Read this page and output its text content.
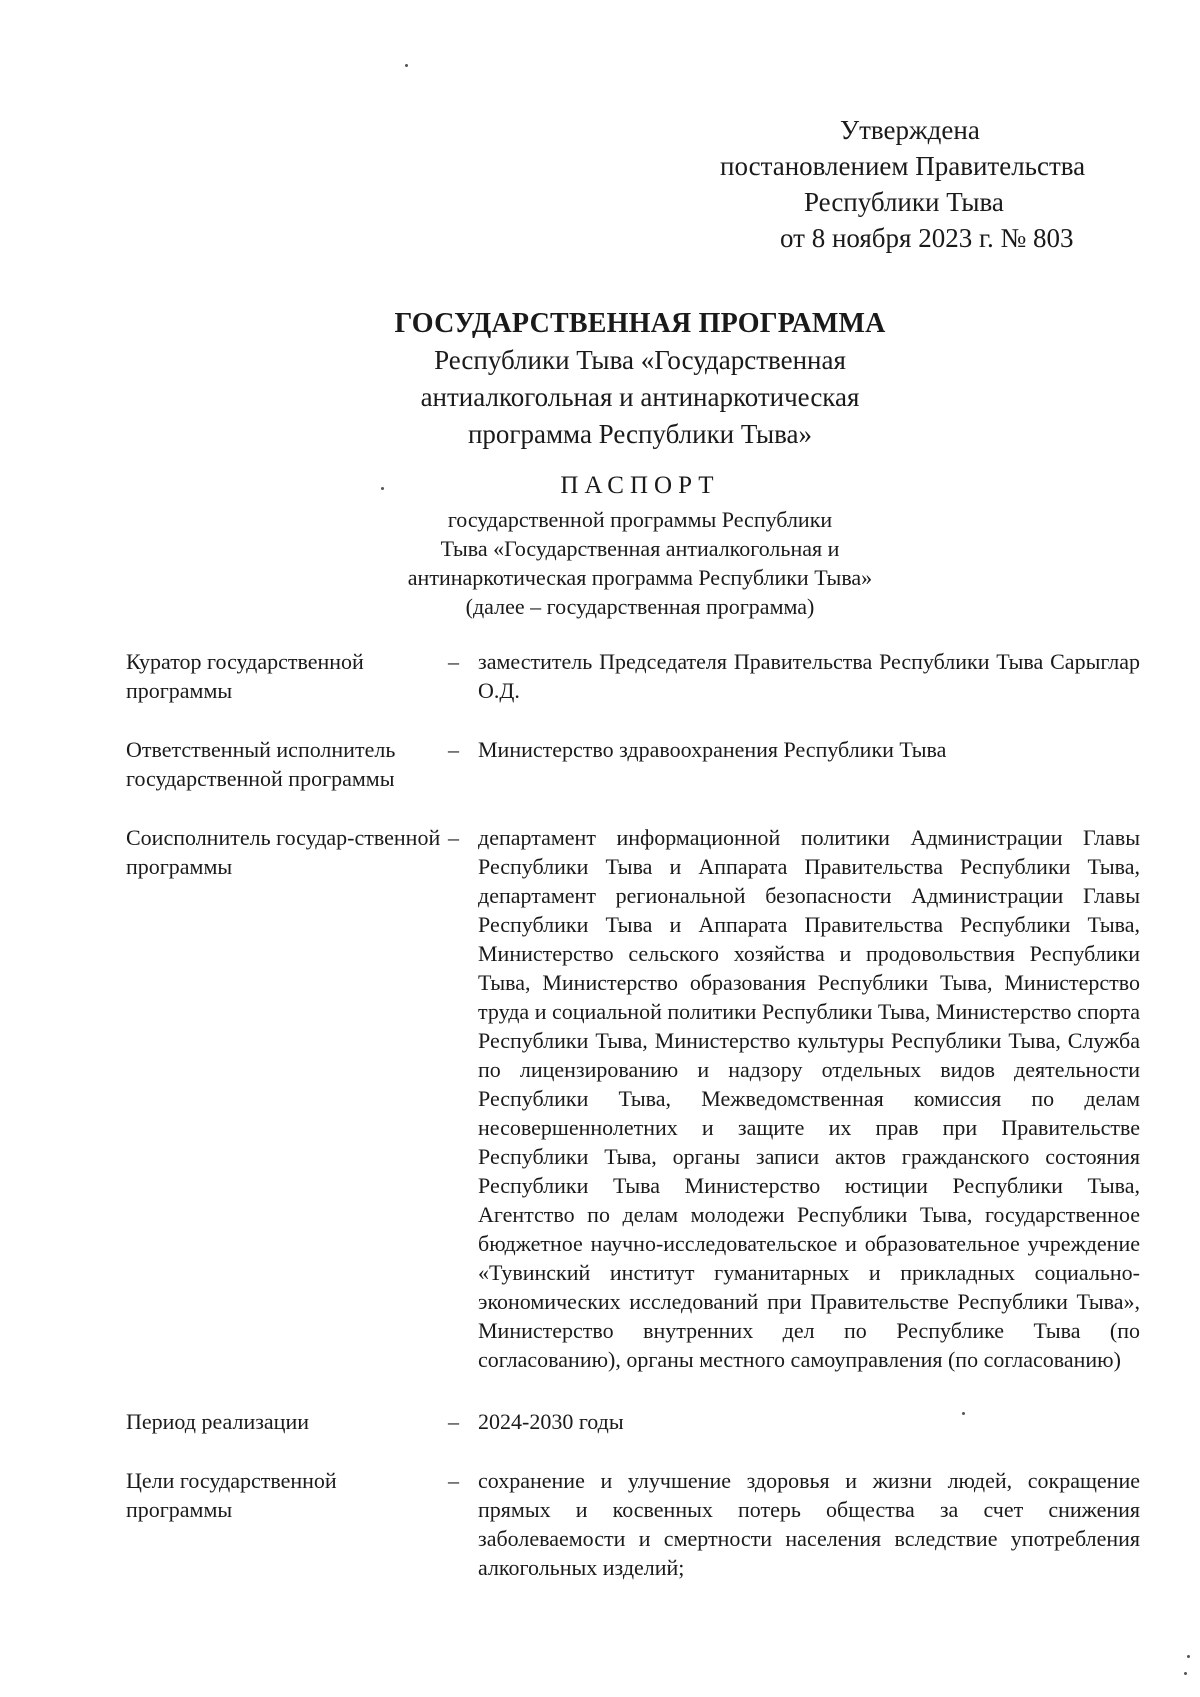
Утверждена
постановлением Правительства
Республики Тыва
от 8 ноября 2023 г. № 803
ГОСУДАРСТВЕННАЯ ПРОГРАММА
Республики Тыва «Государственная
антиалкогольная и антинаркотическая
программа Республики Тыва»
ПАСПОРТ
государственной программы Республики
Тыва «Государственная антиалкогольная и
антинаркотическая программа Республики Тыва»
(далее – государственная программа)
Куратор государственной программы
– заместитель Председателя Правительства Республики Тыва Сарыглар О.Д.
Ответственный исполнитель государственной программы
– Министерство здравоохранения Республики Тыва
Соисполнитель государ-ственной программы
– департамент информационной политики Администрации Главы Республики Тыва и Аппарата Правительства Республики Тыва, департамент региональной безопасности Администрации Главы Республики Тыва и Аппарата Правительства Республики Тыва, Министерство сельского хозяйства и продовольствия Республики Тыва, Министерство образования Республики Тыва, Министерство труда и социальной политики Республики Тыва, Министерство спорта Республики Тыва, Министерство культуры Республики Тыва, Служба по лицензированию и надзору отдельных видов деятельности Республики Тыва, Межведомственная комиссия по делам несовершеннолетних и защите их прав при Правительстве Республики Тыва, органы записи актов гражданского состояния Республики Тыва Министерство юстиции Республики Тыва, Агентство по делам молодежи Республики Тыва, государственное бюджетное научно-исследовательское и образовательное учреждение «Тувинский институт гуманитарных и прикладных социально-экономических исследований при Правительстве Республики Тыва», Министерство внутренних дел по Республике Тыва (по согласованию), органы местного самоуправления (по согласованию)
Период реализации	– 2024-2030 годы
Цели государственной программы
– сохранение и улучшение здоровья и жизни людей, сокращение прямых и косвенных потерь общества за счет снижения заболеваемости и смертности населения вследствие употребления алкогольных изделий;
